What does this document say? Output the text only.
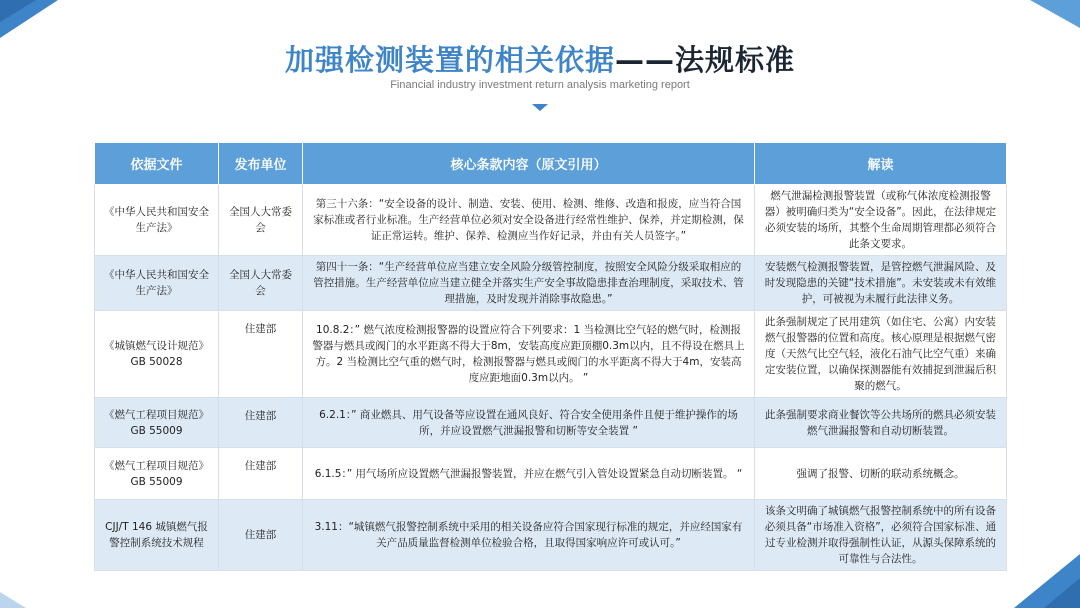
加强检测装置的相关依据——法规标准
Financial industry investment return analysis marketing report
依据文件	发布单位	核心条款内容（原文引用）	解读
《中华人民共和国安全生产法》	全国人大常委会	第三十六条：“安全设备的设计、制造、安装、使用、检测、维修、改造和报废，应当符合国家标准或者行业标准。生产经营单位必须对安全设备进行经常性维护、保养，并定期检测，保证正常运转。维护、保养、检测应当作好记录，并由有关人员签字。”	燃气泄漏检测报警装置（或称气体浓度检测报警器）被明确归类为“安全设备”。因此，在法律规定必须安装的场所，其整个生命周期管理都必须符合此条文要求。
《中华人民共和国安全生产法》	全国人大常委会	第四十一条：“生产经营单位应当建立安全风险分级管控制度，按照安全风险分级采取相应的管控措施。生产经营单位应当建立健全并落实生产安全事故隐患排查治理制度，采取技术、管理措施，及时发现并消除事故隐患。”	安装燃气检测报警装置，是管控燃气泄漏风险、及时发现隐患的关键“技术措施”。未安装或未有效维护，可被视为未履行此法律义务。
《城镇燃气设计规范》GB 50028	住建部	10.8.2：” 燃气浓度检测报警器的设置应符合下列要求：1 当检测比空气轻的燃气时，检测报警器与燃具或阀门的水平距离不得大于8m，安装高度应距顶棚0.3m以内，且不得设在燃具上方。2 当检测比空气重的燃气时，检测报警器与燃具或阀门的水平距离不得大于4m，安装高度应距地面0.3m以内。 ”	此条强制规定了民用建筑（如住宅、公寓）内安装燃气报警器的位置和高度。核心原理是根据燃气密度（天然气比空气轻，液化石油气比空气重）来确定安装位置，以确保探测器能有效捕捉到泄漏后积聚的燃气。
《燃气工程项目规范》GB 55009	住建部	6.2.1：” 商业燃具、用气设备等应设置在通风良好、符合安全使用条件且便于维护操作的场所，并应设置燃气泄漏报警和切断等安全装置 ”	此条强制要求商业餐饮等公共场所的燃具必须安装燃气泄漏报警和自动切断装置。
《燃气工程项目规范》GB 55009	住建部	6.1.5：” 用气场所应设置燃气泄漏报警装置，并应在燃气引入管处设置紧急自动切断装置。 “	强调了报警、切断的联动系统概念。
CJJ/T 146 城镇燃气报警控制系统技术规程	住建部	3.11：“城镇燃气报警控制系统中采用的相关设备应符合国家现行标准的规定，并应经国家有关产品质量监督检测单位检验合格，且取得国家响应许可或认可。”	该条文明确了城镇燃气报警控制系统中的所有设备必须具备“市场准入资格”，必须符合国家标准、通过专业检测并取得强制性认证，从源头保障系统的可靠性与合法性。
